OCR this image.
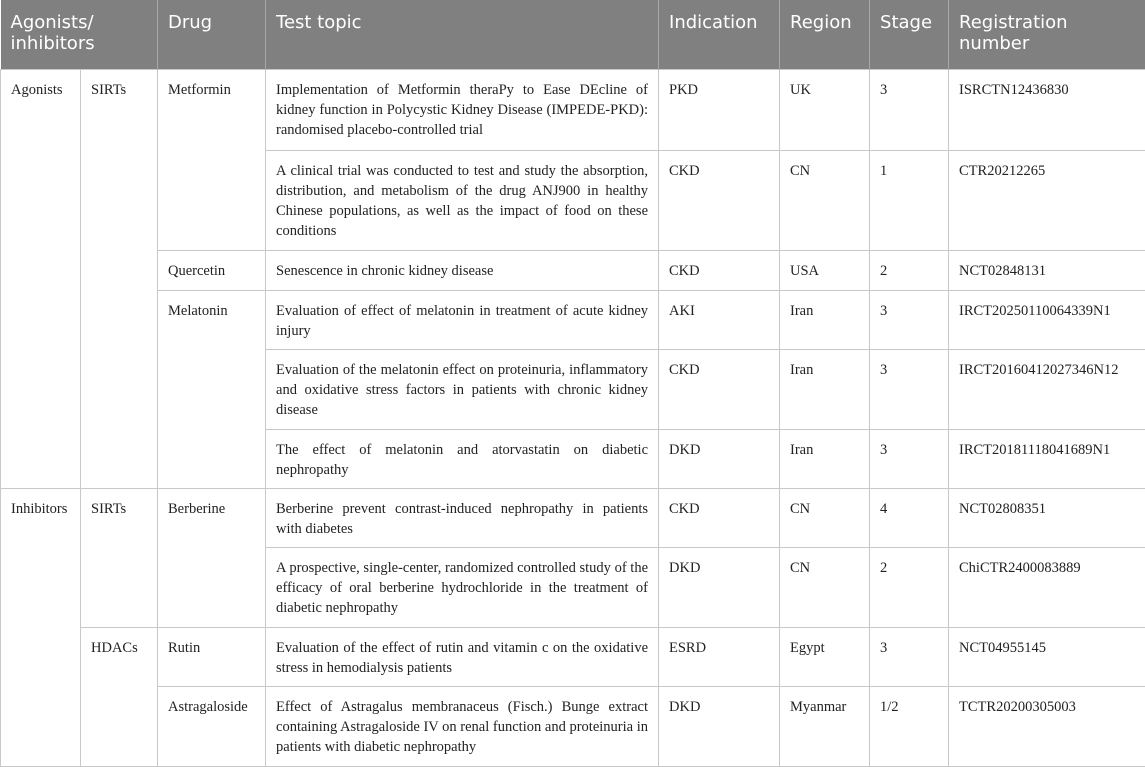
Agonists/ inhibitors		Drug	Test topic	Indication	Region	Stage	Registration number
Agonists	SIRTs	Metformin	Implementation of Metformin theraPy to Ease DEcline of kidney function in Polycystic Kidney Disease (IMPEDE-PKD): randomised placebo-controlled trial	PKD	UK	3	ISRCTN12436830
			A clinical trial was conducted to test and study the absorption, distribution, and metabolism of the drug ANJ900 in healthy Chinese populations, as well as the impact of food on these conditions	CKD	CN	1	CTR20212265
		Quercetin	Senescence in chronic kidney disease	CKD	USA	2	NCT02848131
		Melatonin	Evaluation of effect of melatonin in treatment of acute kidney injury	AKI	Iran	3	IRCT20250110064339N1
			Evaluation of the melatonin effect on proteinuria, inflammatory and oxidative stress factors in patients with chronic kidney disease	CKD	Iran	3	IRCT20160412027346N12
			The effect of melatonin and atorvastatin on diabetic nephropathy	DKD	Iran	3	IRCT20181118041689N1
Inhibitors	SIRTs	Berberine	Berberine prevent contrast-induced nephropathy in patients with diabetes	CKD	CN	4	NCT02808351
			A prospective, single-center, randomized controlled study of the efficacy of oral berberine hydrochloride in the treatment of diabetic nephropathy	DKD	CN	2	ChiCTR2400083889
	HDACs	Rutin	Evaluation of the effect of rutin and vitamin c on the oxidative stress in hemodialysis patients	ESRD	Egypt	3	NCT04955145
		Astragaloside	Effect of Astragalus membranaceus (Fisch.) Bunge extract containing Astragaloside IV on renal function and proteinuria in patients with diabetic nephropathy	DKD	Myanmar	1/2	TCTR20200305003
